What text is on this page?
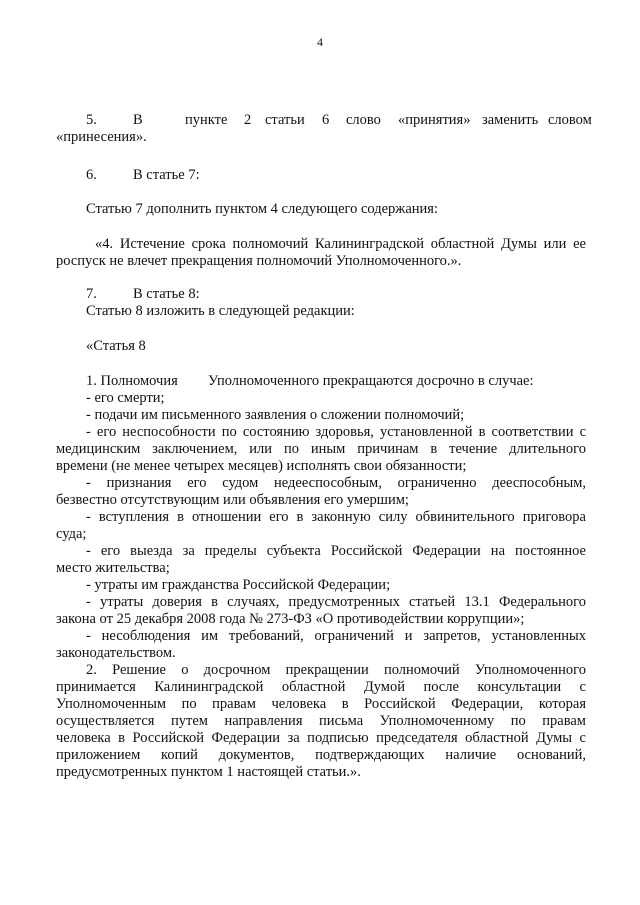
4
5. В	пункте 2 статьи 6 слово «принятия» заменить словом
«принесения».
6. В статье 7:
Статью 7 дополнить пунктом 4 следующего содержания:
«4. Истечение срока полномочий Калининградской областной Думы или ее
роспуск не влечет прекращения полномочий Уполномоченного.».
7. В статье 8:
Статью 8 изложить в следующей редакции:
«Статья 8
1. Полномочия Уполномоченного прекращаются досрочно в случае:
- его смерти;
- подачи им письменного заявления о сложении полномочий;
- его неспособности по состоянию здоровья, установленной в соответствии с
медицинским заключением, или по иным причинам в течение длительного
времени (не менее четырех месяцев) исполнять свои обязанности;
- признания его судом недееспособным, ограниченно дееспособным,
безвестно отсутствующим или объявления его умершим;
- вступления в отношении его в законную силу обвинительного приговора
суда;
- его выезда за пределы субъекта Российской Федерации на постоянное
место жительства;
- утраты им гражданства Российской Федерации;
- утраты доверия в случаях, предусмотренных статьей 13.1 Федерального
закона от 25 декабря 2008 года № 273-ФЗ «О противодействии коррупции»;
- несоблюдения им требований, ограничений и запретов, установленных
законодательством.
2. Решение о досрочном прекращении полномочий Уполномоченного
принимается Калининградской областной Думой после консультации с
Уполномоченным по правам человека в Российской Федерации, которая
осуществляется путем направления письма Уполномоченному по правам
человека в Российской Федерации за подписью председателя областной Думы с
приложением копий документов, подтверждающих наличие оснований,
предусмотренных пунктом 1 настоящей статьи.».
